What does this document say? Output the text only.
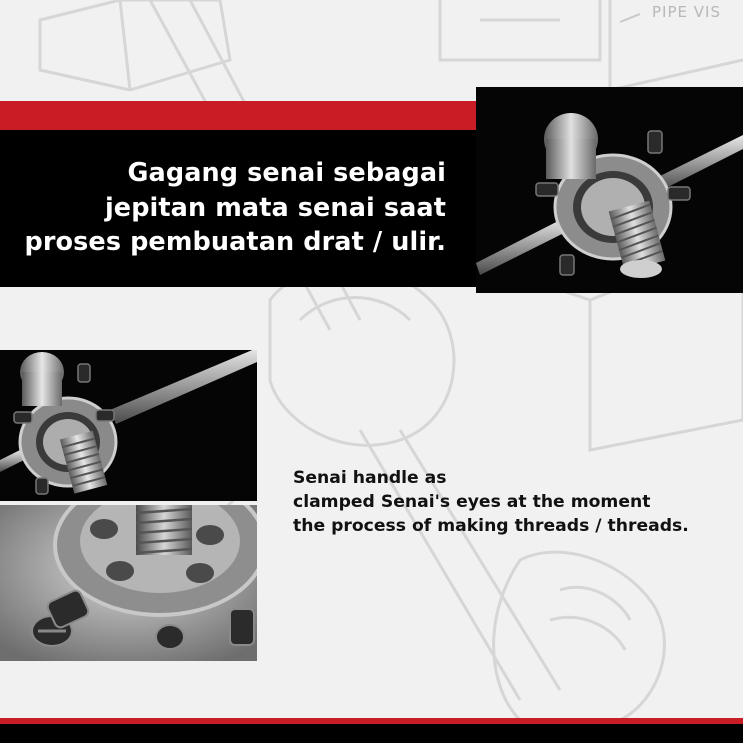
PIPE VIS
Gagang senai sebagai
jepitan mata senai saat
proses pembuatan drat / ulir.
Senai handle as
clamped Senai's eyes at the moment
the process of making threads / threads.
